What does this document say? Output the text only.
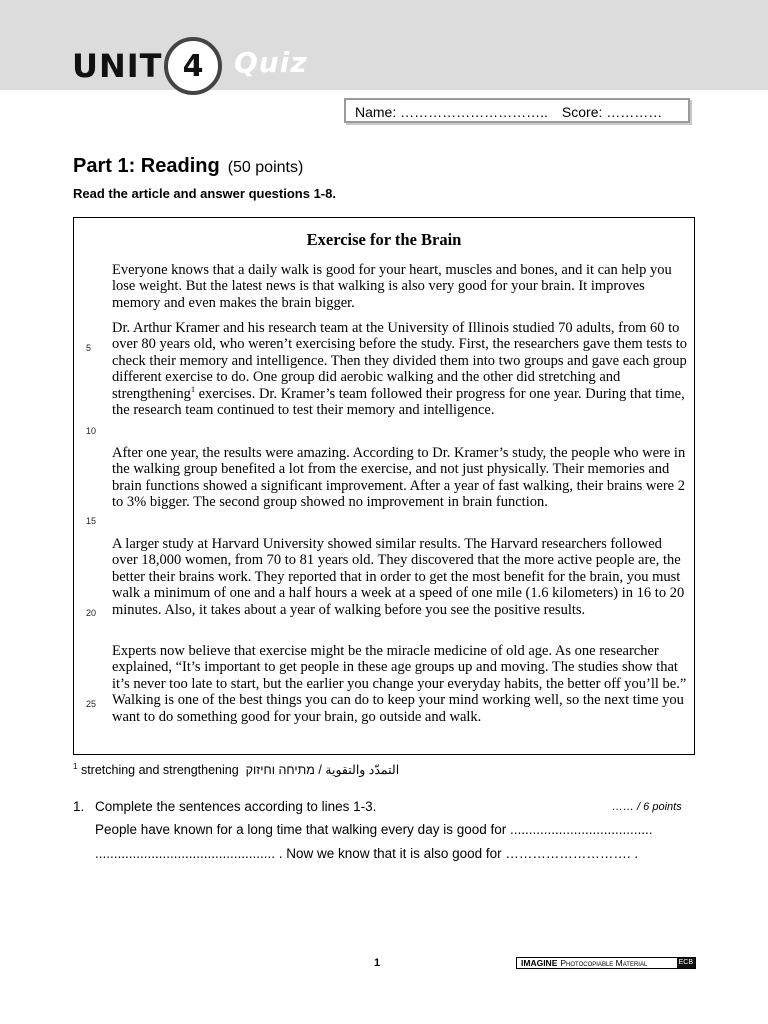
UNIT 4 Quiz
Name: ………………………….. Score: …………
Part 1: Reading (50 points)
Read the article and answer questions 1-8.
Exercise for the Brain
Everyone knows that a daily walk is good for your heart, muscles and bones, and it can help you lose weight. But the latest news is that walking is also very good for your brain. It improves memory and even makes the brain bigger.
Dr. Arthur Kramer and his research team at the University of Illinois studied 70 adults, from 60 to over 80 years old, who weren’t exercising before the study. First, the researchers gave them tests to check their memory and intelligence. Then they divided them into two groups and gave each group different exercise to do. One group did aerobic walking and the other did stretching and strengthening$^1$ exercises. Dr. Kramer’s team followed their progress for one year. During that time, the research team continued to test their memory and intelligence.
After one year, the results were amazing. According to Dr. Kramer’s study, the people who were in the walking group benefited a lot from the exercise, and not just physically. Their memories and brain functions showed a significant improvement. After a year of fast walking, their brains were 2 to 3% bigger. The second group showed no improvement in brain function.
A larger study at Harvard University showed similar results. The Harvard researchers followed over 18,000 women, from 70 to 81 years old. They discovered that the more active people are, the better their brains work. They reported that in order to get the most benefit for the brain, you must walk a minimum of one and a half hours a week at a speed of one mile (1.6 kilometers) in 16 to 20 minutes. Also, it takes about a year of walking before you see the positive results.
Experts now believe that exercise might be the miracle medicine of old age. As one researcher explained, “It’s important to get people in these age groups up and moving. The studies show that it’s never too late to start, but the earlier you change your everyday habits, the better off you’ll be.” Walking is one of the best things you can do to keep your mind working well, so the next time you want to do something good for your brain, go outside and walk.
5
10
15
20
25
$^1$ stretching and strengthening التمدّد والتقوية / מתיחה וחיזוק
1. Complete the sentences according to lines 1-3.	…… / 6 points
People have known for a long time that walking every day is good for ......................................
................................................ . Now we know that it is also good for ………………………. .
1	IMAGINE Photocopiable Material	ECB
